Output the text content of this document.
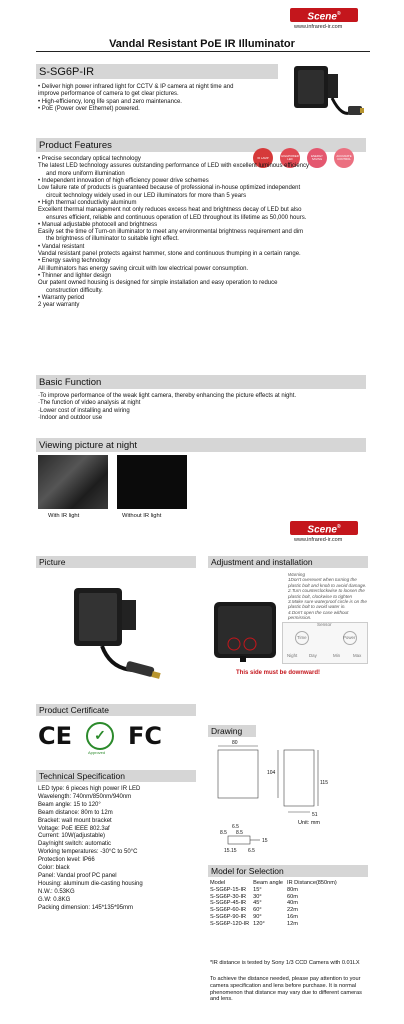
Scene®
www.infrared-ir.com
Vandal Resistant PoE IR Illuminator
S-SG6P-IR

• Deliver high power infrared light for CCTV & IP camera at night time and

improve performance of camera to get clear pictures.

• High-efficiency, long life span and zero maintenance.

• PoE (Power over Ethernet) powered.

Product Features
IR LAMP	HIGHPOWER LED
ENERGY SAVING
ACCURATE CONTROL

• Precise secondary optical technology

The latest LED technology assures outstanding performance of LED with excellent luminous efficiency

and more uniform illumination

• Independent innovation of high efficiency power drive schemes

Low failure rate of products is guaranteed because of professional in-house optimized independent

circuit technology widely used in our LED illuminators for more than 5 years

• High thermal conductivity aluminum

Excellent thermal management not only reduces excess heat and brightness decay of LED but also

ensures efficient, reliable and continuous operation of LED throughout its lifetime as 50,000 hours.

• Manual adjustable photocell and brightness

Easily set the time of Turn-on illuminator to meet any environmental brightness requirement and dim

the brightness of illuminator to suitable light effect.

• Vandal resistant

Vandal resistant panel protects against hammer, stone and continuous thumping in a certain range.

• Energy saving technology

All illuminators has energy saving circuit with low electrical power consumption.

• Thinner and lighter design

Our patent owned housing is designed for simple installation and easy operation to reduce

construction difficulty.

• Warranty period

2 year warranty

Basic Function

·To improve performance of the weak light camera, thereby enhancing the picture effects at night.

·The function of video analysis at night

·Lower cost of installing and wiring

·Indoor and outdoor use

Viewing picture at night
With IR light	Without IR light
Scene®
www.infrared-ir.com
Picture	Adjustment and installation

Warning

1Don't overexert when turning the

plastic bolt and knob to avoid damage.

2.Turn counterclockwise to loosen the

plastic bolt, clockwise to tighten

3.Make sure waterproof circle is on the

plastic bolt to avoid water in.

4.Don't open the case without

permission.

Sensor
Time	Power
Night	Day	Min	Max
This side must be downward!
Product Certificate
CE ✓
Approved
FC	Drawing
80
104
115
51
6.5
8.5 8.5
15
15.15 6.5
Unit: mm
Technical Specification

LED type: 6 pieces high power IR LED

Wavelength: 740nm/850nm/940nm

Beam angle: 15 to 120°

Beam distance: 80m to 12m

Bracket: wall mount bracket

Voltage: PoE IEEE 802.3af

Current: 10W(adjustable)

Day/night switch: automatic

Working temperatures: -30°C to 50°C

Protection level: IP66

Color: black

Panel: Vandal proof PC panel

Housing: aluminum die-casting housing

N.W.: 0.53KG

G.W: 0.8KG

Packing dimension: 145*135*95mm

Model for Selection
Model	Beam angle	IR Distance(850nm)
S-SG6P-15-IR	15°	80m
S-SG6P-30-IR	30°	60m
S-SG6P-45-IR	45°	40m
S-SG6P-60-IR	60°	22m
S-SG6P-90-IR	90°	16m
S-SG6P-120-IR	120°	12m
*IR distance is tested by Sony 1/3 CCD Camera with 0.01LX
To achieve the distance needed, please pay attention to your camera specification and lens before purchase. It is normal phenomenon that distance may vary due to different cameras and lens.
